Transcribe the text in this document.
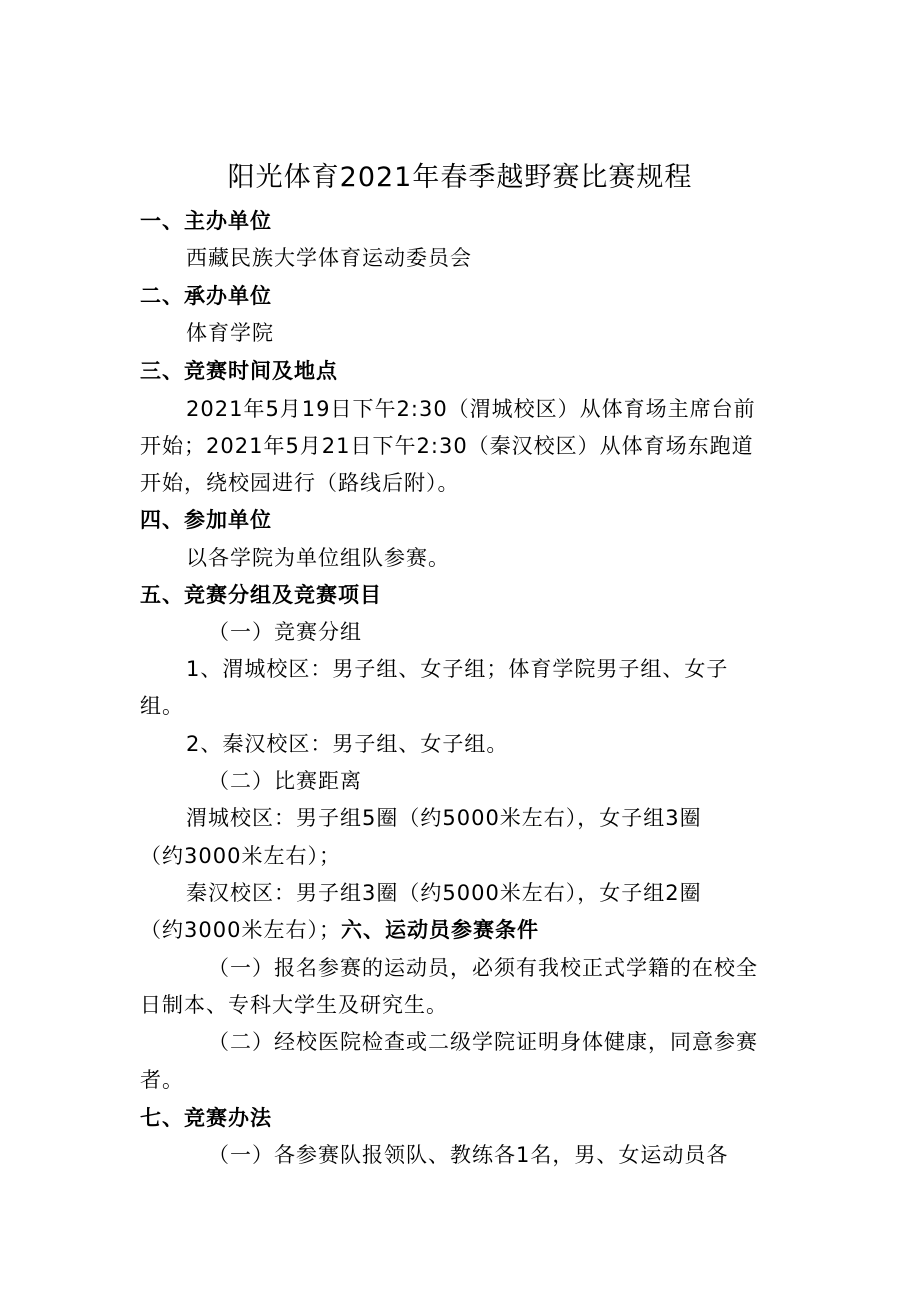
阳光体育2021年春季越野赛比赛规程
一、主办单位
西藏民族大学体育运动委员会
二、承办单位
体育学院
三、竞赛时间及地点
2021年5月19日下午2:30（渭城校区）从体育场主席台前
开始；2021年5月21日下午2:30（秦汉校区）从体育场东跑道
开始，绕校园进行（路线后附）。
四、参加单位
以各学院为单位组队参赛。
五、竞赛分组及竞赛项目
（一）竞赛分组
1、渭城校区：男子组、女子组；体育学院男子组、女子
组。
2、秦汉校区：男子组、女子组。
（二）比赛距离
渭城校区：男子组5圈（约5000米左右），女子组3圈
（约3000米左右）；
秦汉校区：男子组3圈（约5000米左右），女子组2圈
（约3000米左右）；六、运动员参赛条件
（一）报名参赛的运动员，必须有我校正式学籍的在校全
日制本、专科大学生及研究生。
（二）经校医院检查或二级学院证明身体健康，同意参赛
者。
七、竞赛办法
（一）各参赛队报领队、教练各1名，男、女运动员各
